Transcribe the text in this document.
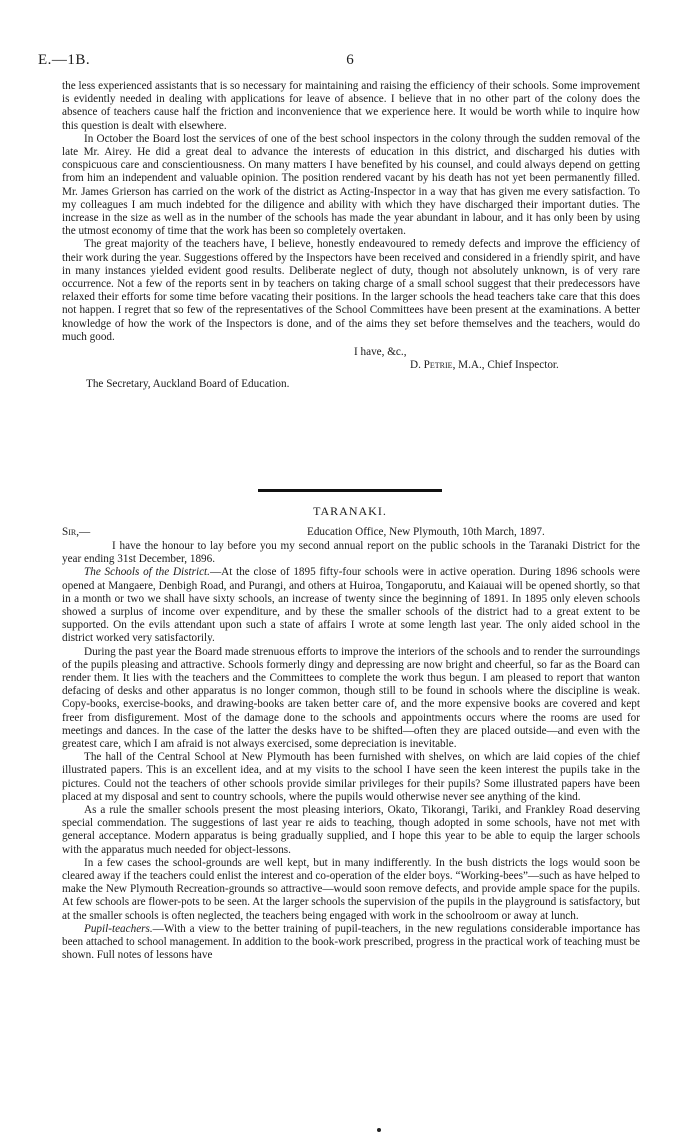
E.—1B.	6

the less experienced assistants that is so necessary for maintaining and raising the efficiency of their schools. Some improvement is evidently needed in dealing with applications for leave of absence. I believe that in no other part of the colony does the absence of teachers cause half the friction and inconvenience that we experience here. It would be worth while to inquire how this question is dealt with elsewhere.

In October the Board lost the services of one of the best school inspectors in the colony through the sudden removal of the late Mr. Airey. He did a great deal to advance the interests of education in this district, and discharged his duties with conspicuous care and conscientiousness. On many matters I have benefited by his counsel, and could always depend on getting from him an independent and valuable opinion. The position rendered vacant by his death has not yet been permanently filled. Mr. James Grierson has carried on the work of the district as Acting-Inspector in a way that has given me every satisfaction. To my colleagues I am much indebted for the diligence and ability with which they have discharged their important duties. The increase in the size as well as in the number of the schools has made the year abundant in labour, and it has only been by using the utmost economy of time that the work has been so completely overtaken.

The great majority of the teachers have, I believe, honestly endeavoured to remedy defects and improve the efficiency of their work during the year. Suggestions offered by the Inspectors have been received and considered in a friendly spirit, and have in many instances yielded evident good results. Deliberate neglect of duty, though not absolutely unknown, is of very rare occurrence. Not a few of the reports sent in by teachers on taking charge of a small school suggest that their predecessors have relaxed their efforts for some time before vacating their positions. In the larger schools the head teachers take care that this does not happen. I regret that so few of the representatives of the School Committees have been present at the examinations. A better knowledge of how the work of the Inspectors is done, and of the aims they set before themselves and the teachers, would do much good.

I have, &c.,
D. Petrie, M.A., Chief Inspector.
The Secretary, Auckland Board of Education.
TARANAKI.
Sir,—	Education Office, New Plymouth, 10th March, 1897.

I have the honour to lay before you my second annual report on the public schools in the Taranaki District for the year ending 31st December, 1896.

The Schools of the District.—At the close of 1895 fifty-four schools were in active operation. During 1896 schools were opened at Mangaere, Denbigh Road, and Purangi, and others at Huiroa, Tongaporutu, and Kaiauai will be opened shortly, so that in a month or two we shall have sixty schools, an increase of twenty since the beginning of 1891. In 1895 only eleven schools showed a surplus of income over expenditure, and by these the smaller schools of the district had to a great extent to be supported. On the evils attendant upon such a state of affairs I wrote at some length last year. The only aided school in the district worked very satisfactorily.

During the past year the Board made strenuous efforts to improve the interiors of the schools and to render the surroundings of the pupils pleasing and attractive. Schools formerly dingy and depressing are now bright and cheerful, so far as the Board can render them. It lies with the teachers and the Committees to complete the work thus begun. I am pleased to report that wanton defacing of desks and other apparatus is no longer common, though still to be found in schools where the discipline is weak. Copy-books, exercise-books, and drawing-books are taken better care of, and the more expensive books are covered and kept freer from disfigurement. Most of the damage done to the schools and appointments occurs where the rooms are used for meetings and dances. In the case of the latter the desks have to be shifted—often they are placed outside—and even with the greatest care, which I am afraid is not always exercised, some depreciation is inevitable.

The hall of the Central School at New Plymouth has been furnished with shelves, on which are laid copies of the chief illustrated papers. This is an excellent idea, and at my visits to the school I have seen the keen interest the pupils take in the pictures. Could not the teachers of other schools provide similar privileges for their pupils? Some illustrated papers have been placed at my disposal and sent to country schools, where the pupils would otherwise never see anything of the kind.

As a rule the smaller schools present the most pleasing interiors, Okato, Tikorangi, Tariki, and Frankley Road deserving special commendation. The suggestions of last year re aids to teaching, though adopted in some schools, have not met with general acceptance. Modern apparatus is being gradually supplied, and I hope this year to be able to equip the larger schools with the apparatus much needed for object-lessons.

In a few cases the school-grounds are well kept, but in many indifferently. In the bush districts the logs would soon be cleared away if the teachers could enlist the interest and co-operation of the elder boys. “Working-bees”—such as have helped to make the New Plymouth Recreation-grounds so attractive—would soon remove defects, and provide ample space for the pupils. At few schools are flower-pots to be seen. At the larger schools the supervision of the pupils in the playground is satisfactory, but at the smaller schools is often neglected, the teachers being engaged with work in the schoolroom or away at lunch.

Pupil-teachers.—With a view to the better training of pupil-teachers, in the new regulations considerable importance has been attached to school management. In addition to the book-work prescribed, progress in the practical work of teaching must be shown. Full notes of lessons have
